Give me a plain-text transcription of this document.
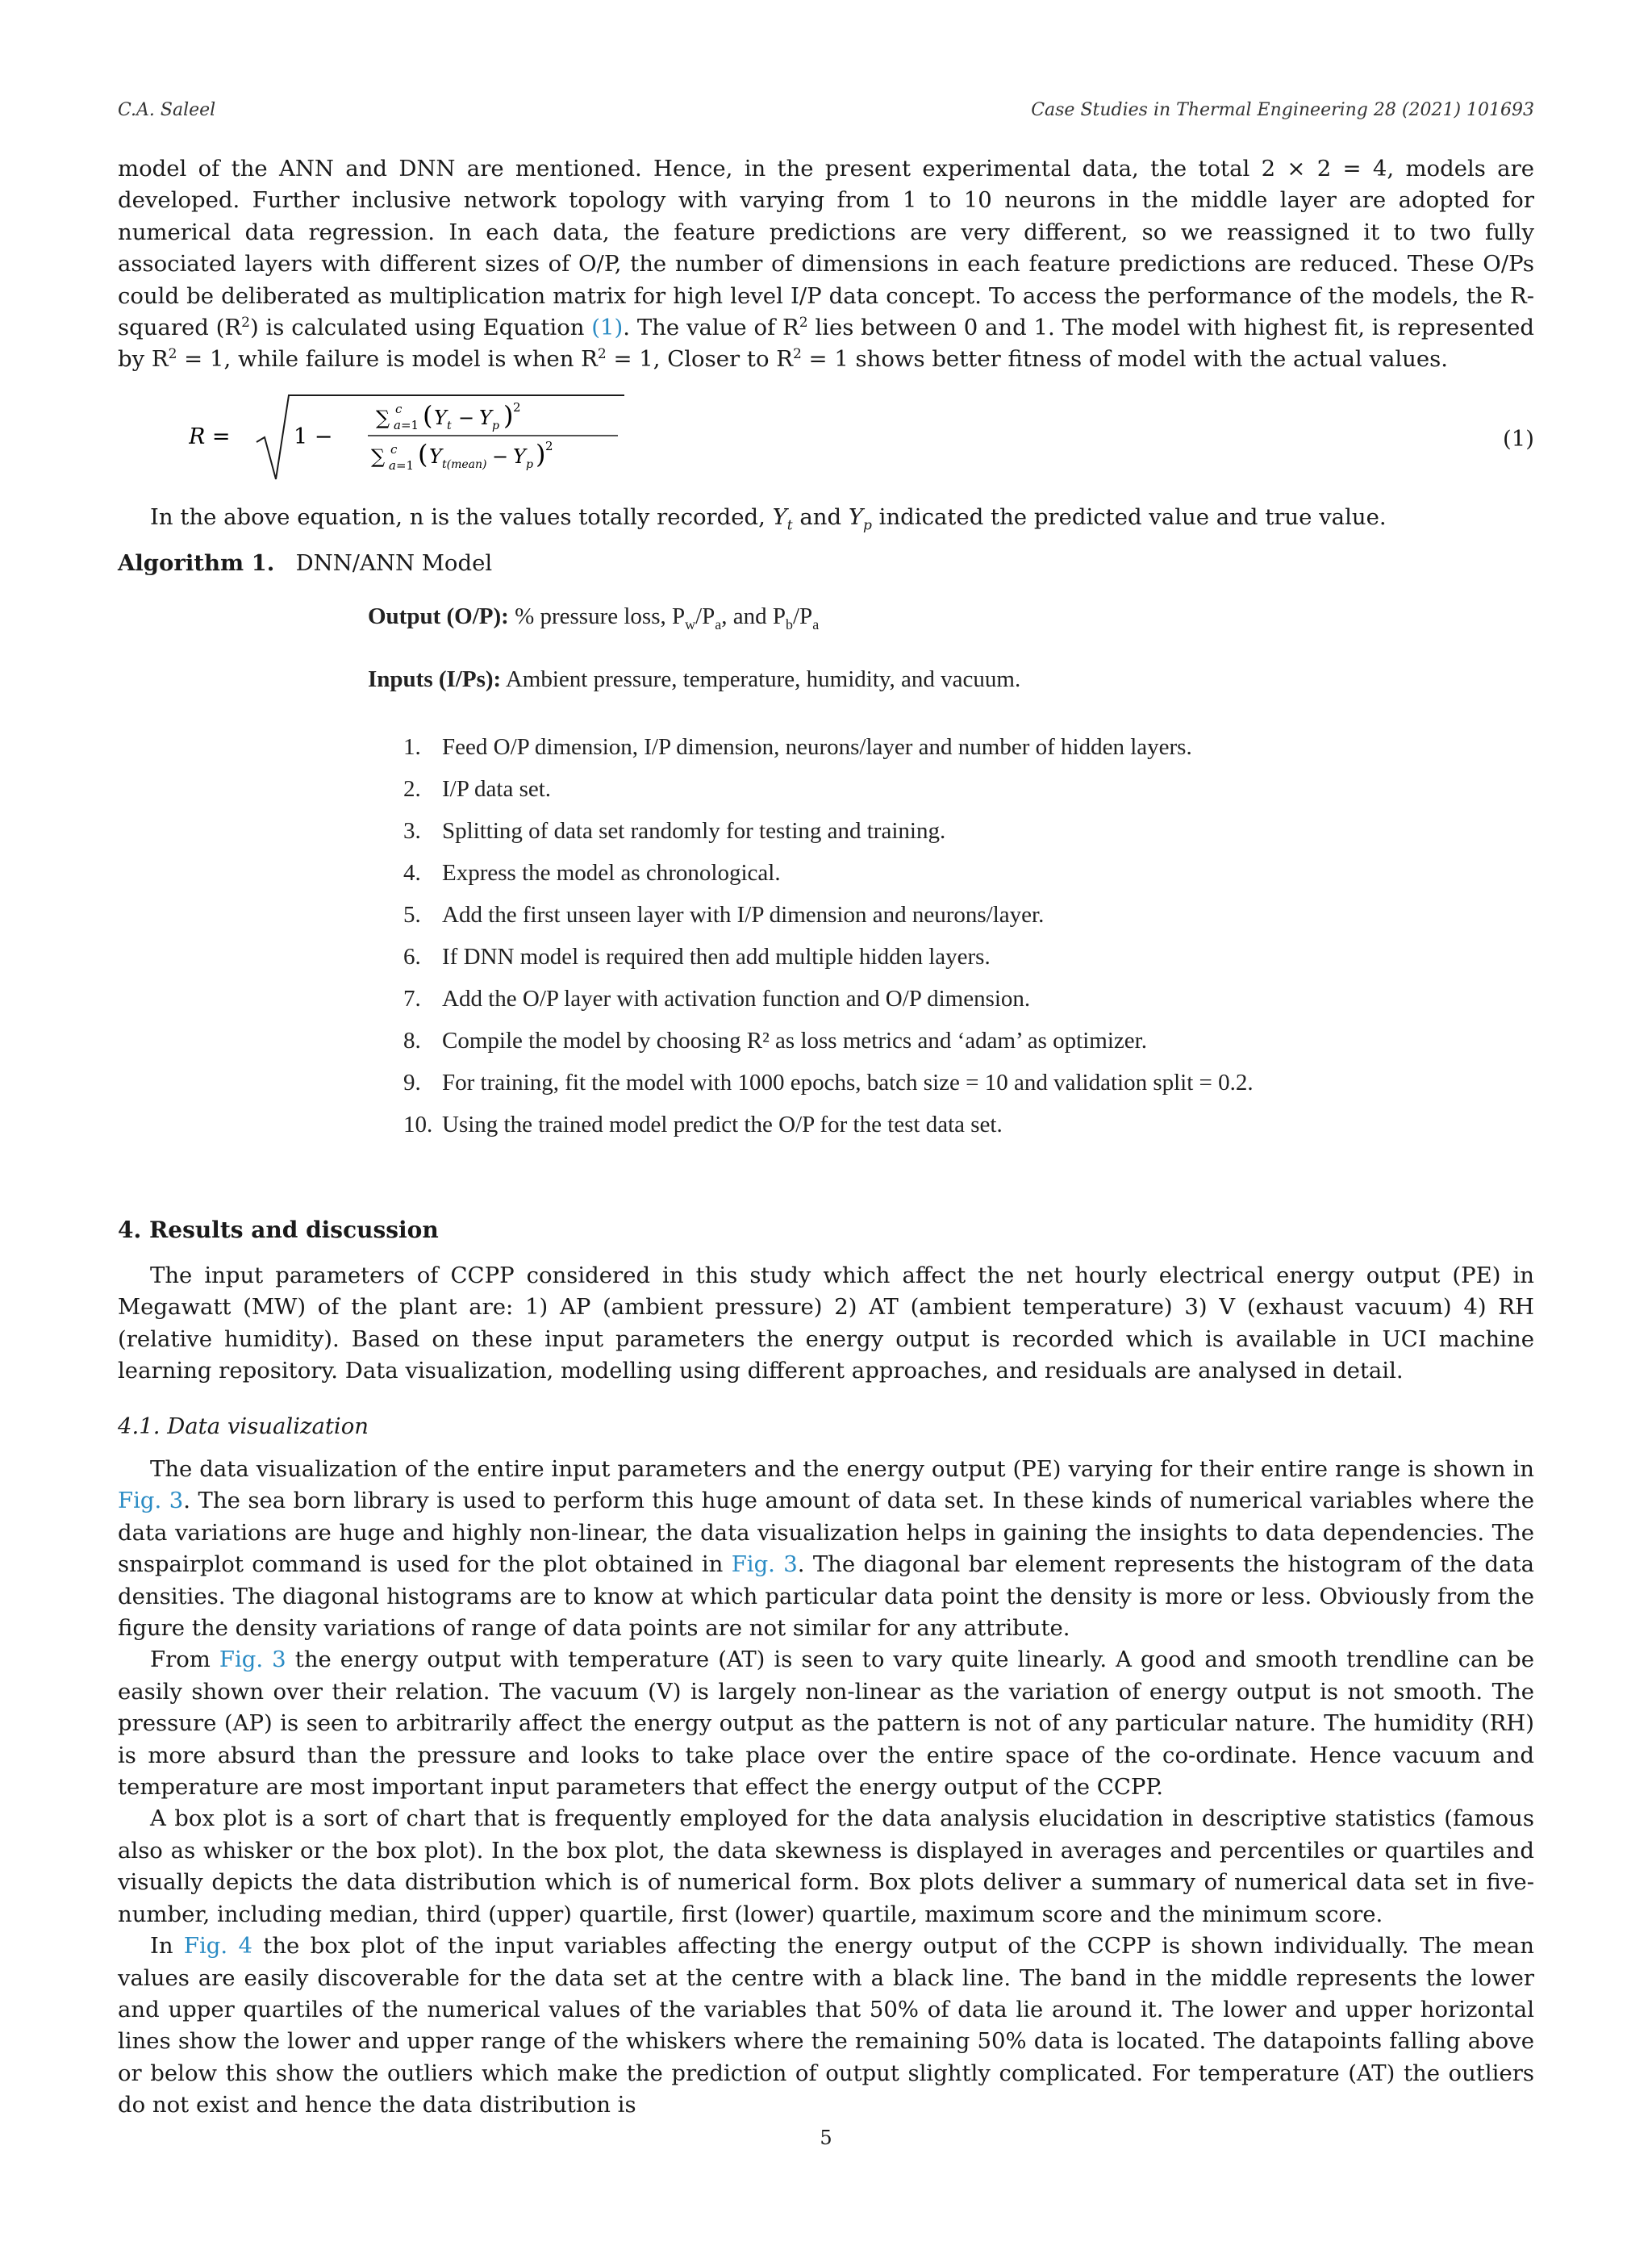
C.A. Saleel	Case Studies in Thermal Engineering 28 (2021) 101693

model of the ANN and DNN are mentioned. Hence, in the present experimental data, the total 2 × 2 = 4, models are developed. Further inclusive network topology with varying from 1 to 10 neurons in the middle layer are adopted for numerical data regression. In each data, the feature predictions are very different, so we reassigned it to two fully associated layers with different sizes of O/P, the number of dimensions in each feature predictions are reduced. These O/Ps could be deliberated as multiplication matrix for high level I/P data concept. To access the performance of the models, the R-squared $(R^2)$ is calculated using Equation (1). The value of $R^2$ lies between 0 and 1. The model with highest fit, is represented by $R^2 = 1$, while failure is model is when $R^2 = 1$, Closer to $R^2 = 1$ shows better fitness of model with the actual values.

R =	1 −
∑ c
a=1 ( Y t − Y p ) 2
∑ c
a=1 ( Y t(mean) − Y p ) 2	(1)

In the above equation, n is the values totally recorded, $Y_t$ and $Y_p$ indicated the predicted value and true value.

Algorithm 1. DNN/ANN Model
Output (O/P): % pressure loss, $P_w/P_a$, and $P_b/P_a$
Inputs (I/Ps): Ambient pressure, temperature, humidity, and vacuum.
1. Feed O/P dimension, I/P dimension, neurons/layer and number of hidden layers.
2. I/P data set.
3. Splitting of data set randomly for testing and training.
4. Express the model as chronological.
5. Add the first unseen layer with I/P dimension and neurons/layer.
6. If DNN model is required then add multiple hidden layers.
7. Add the O/P layer with activation function and O/P dimension.
8. Compile the model by choosing R² as loss metrics and ‘adam’ as optimizer.
9. For training, fit the model with 1000 epochs, batch size = 10 and validation split = 0.2.
10. Using the trained model predict the O/P for the test data set.
4. Results and discussion

The input parameters of CCPP considered in this study which affect the net hourly electrical energy output (PE) in Megawatt (MW) of the plant are: 1) AP (ambient pressure) 2) AT (ambient temperature) 3) V (exhaust vacuum) 4) RH (relative humidity). Based on these input parameters the energy output is recorded which is available in UCI machine learning repository. Data visualization, modelling using different approaches, and residuals are analysed in detail.

4.1. Data visualization

The data visualization of the entire input parameters and the energy output (PE) varying for their entire range is shown in Fig. 3. The sea born library is used to perform this huge amount of data set. In these kinds of numerical variables where the data variations are huge and highly non-linear, the data visualization helps in gaining the insights to data dependencies. The snspairplot command is used for the plot obtained in Fig. 3. The diagonal bar element represents the histogram of the data densities. The diagonal histograms are to know at which particular data point the density is more or less. Obviously from the figure the density variations of range of data points are not similar for any attribute.

From Fig. 3 the energy output with temperature (AT) is seen to vary quite linearly. A good and smooth trendline can be easily shown over their relation. The vacuum (V) is largely non-linear as the variation of energy output is not smooth. The pressure (AP) is seen to arbitrarily affect the energy output as the pattern is not of any particular nature. The humidity (RH) is more absurd than the pressure and looks to take place over the entire space of the co-ordinate. Hence vacuum and temperature are most important input parameters that effect the energy output of the CCPP.

A box plot is a sort of chart that is frequently employed for the data analysis elucidation in descriptive statistics (famous also as whisker or the box plot). In the box plot, the data skewness is displayed in averages and percentiles or quartiles and visually depicts the data distribution which is of numerical form. Box plots deliver a summary of numerical data set in five-number, including median, third (upper) quartile, first (lower) quartile, maximum score and the minimum score.

In Fig. 4 the box plot of the input variables affecting the energy output of the CCPP is shown individually. The mean values are easily discoverable for the data set at the centre with a black line. The band in the middle represents the lower and upper quartiles of the numerical values of the variables that 50% of data lie around it. The lower and upper horizontal lines show the lower and upper range of the whiskers where the remaining 50% data is located. The datapoints falling above or below this show the outliers which make the prediction of output slightly complicated. For temperature (AT) the outliers do not exist and hence the data distribution is

5
